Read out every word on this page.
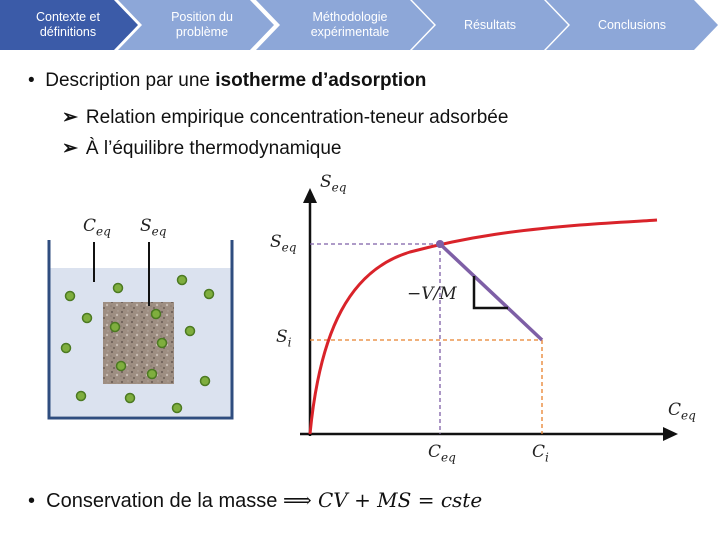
Contexte et
définitions
Position du
problème
Méthodologie
expérimentale
Résultats	Conclusions
• Description par une isotherme d’adsorption
➢ Relation empirique concentration-teneur adsorbée
➢ À l’équilibre thermodynamique
$C_{eq}$ $S_{eq}$
$S_{eq}$
$C_{eq}$
$S_{eq}$
$S_i$
$C_{eq}$	$C_i$
−V/M
• Conservation de la masse ⟹ CV + MS = cste
